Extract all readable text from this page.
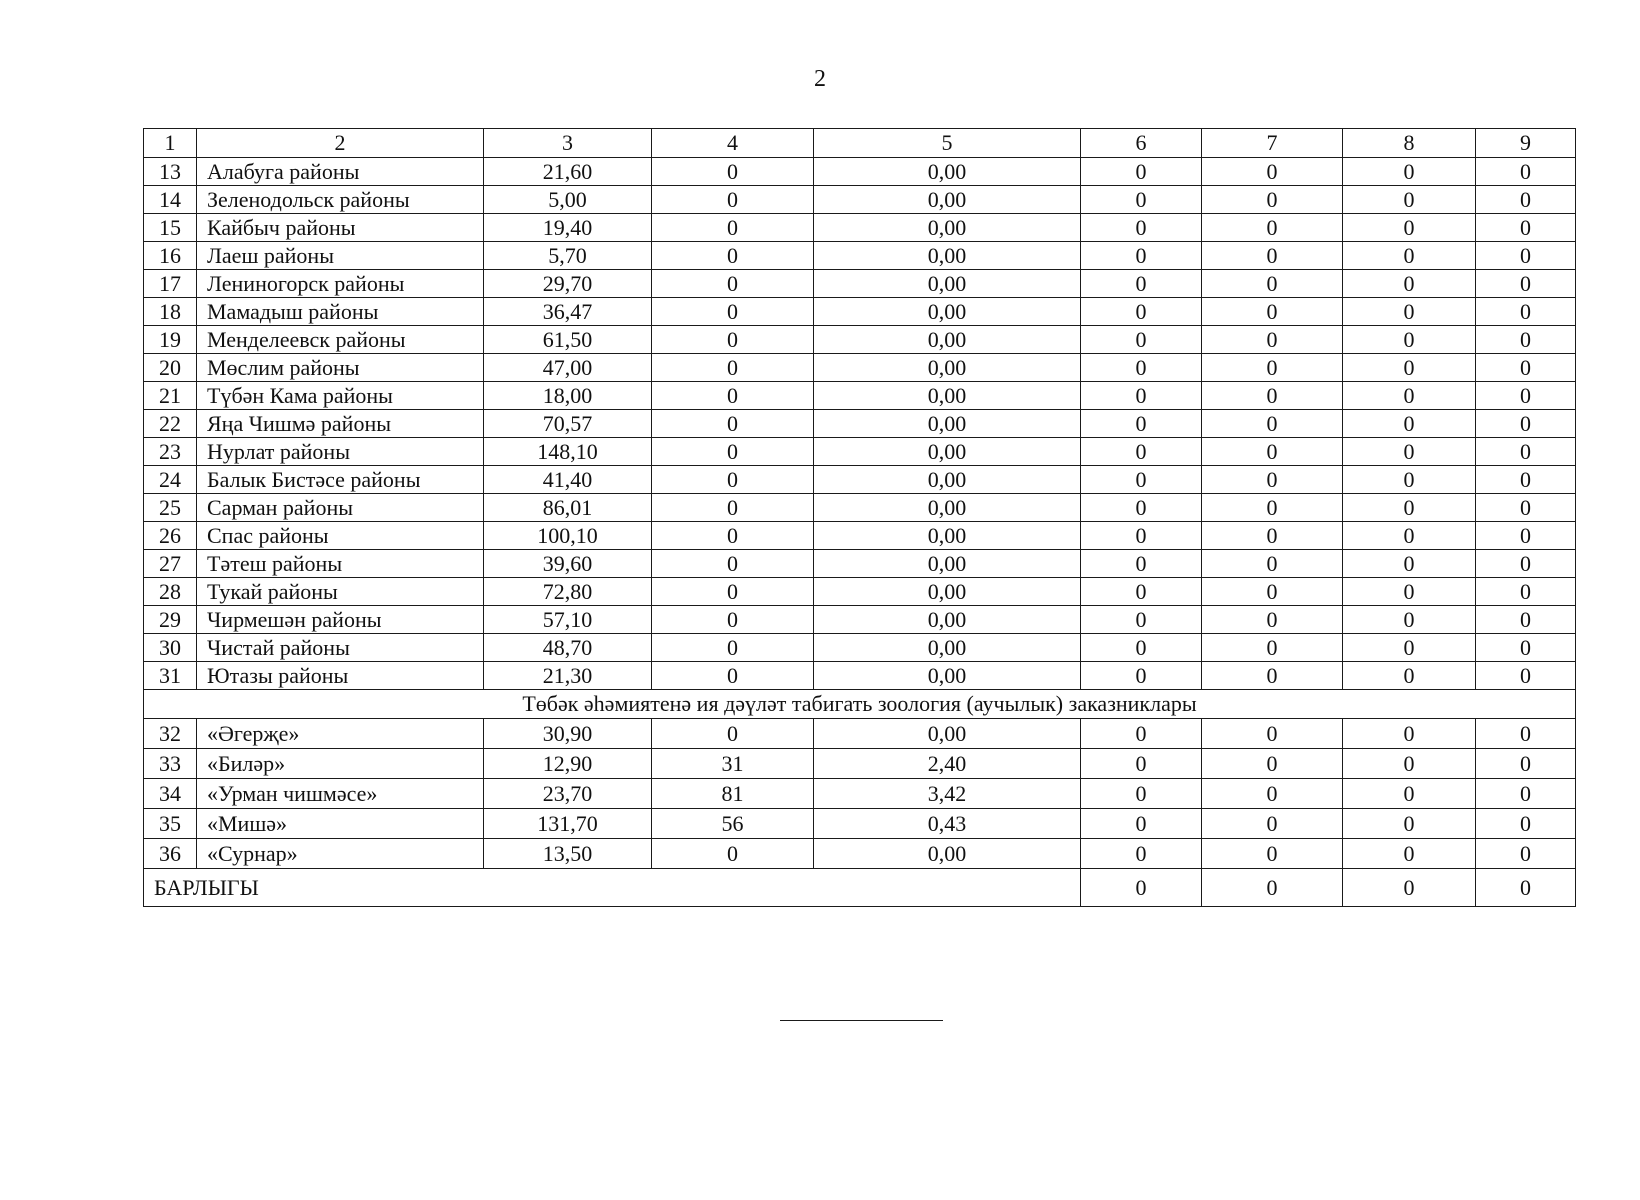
2
1	2	3	4	5	6	7	8	9
13	Алабуга районы	21,60	0	0,00	0	0	0	0
14	Зеленодольск районы	5,00	0	0,00	0	0	0	0
15	Кайбыч районы	19,40	0	0,00	0	0	0	0
16	Лаеш районы	5,70	0	0,00	0	0	0	0
17	Лениногорск районы	29,70	0	0,00	0	0	0	0
18	Мамадыш районы	36,47	0	0,00	0	0	0	0
19	Менделеевск районы	61,50	0	0,00	0	0	0	0
20	Мөслим районы	47,00	0	0,00	0	0	0	0
21	Түбән Кама районы	18,00	0	0,00	0	0	0	0
22	Яңа Чишмә районы	70,57	0	0,00	0	0	0	0
23	Нурлат районы	148,10	0	0,00	0	0	0	0
24	Балык Бистәсе районы	41,40	0	0,00	0	0	0	0
25	Сарман районы	86,01	0	0,00	0	0	0	0
26	Спас районы	100,10	0	0,00	0	0	0	0
27	Тәтеш районы	39,60	0	0,00	0	0	0	0
28	Тукай районы	72,80	0	0,00	0	0	0	0
29	Чирмешән районы	57,10	0	0,00	0	0	0	0
30	Чистай районы	48,70	0	0,00	0	0	0	0
31	Ютазы районы	21,30	0	0,00	0	0	0	0
Төбәк әһәмиятенә ия дәүләт табигать зоология (аучылык) заказниклары								
32	«Әгерҗе»	30,90	0	0,00	0	0	0	0
33	«Биләр»	12,90	31	2,40	0	0	0	0
34	«Урман чишмәсе»	23,70	81	3,42	0	0	0	0
35	«Мишә»	131,70	56	0,43	0	0	0	0
36	«Сурнар»	13,50	0	0,00	0	0	0	0
БАРЛЫГЫ					0	0	0	0
